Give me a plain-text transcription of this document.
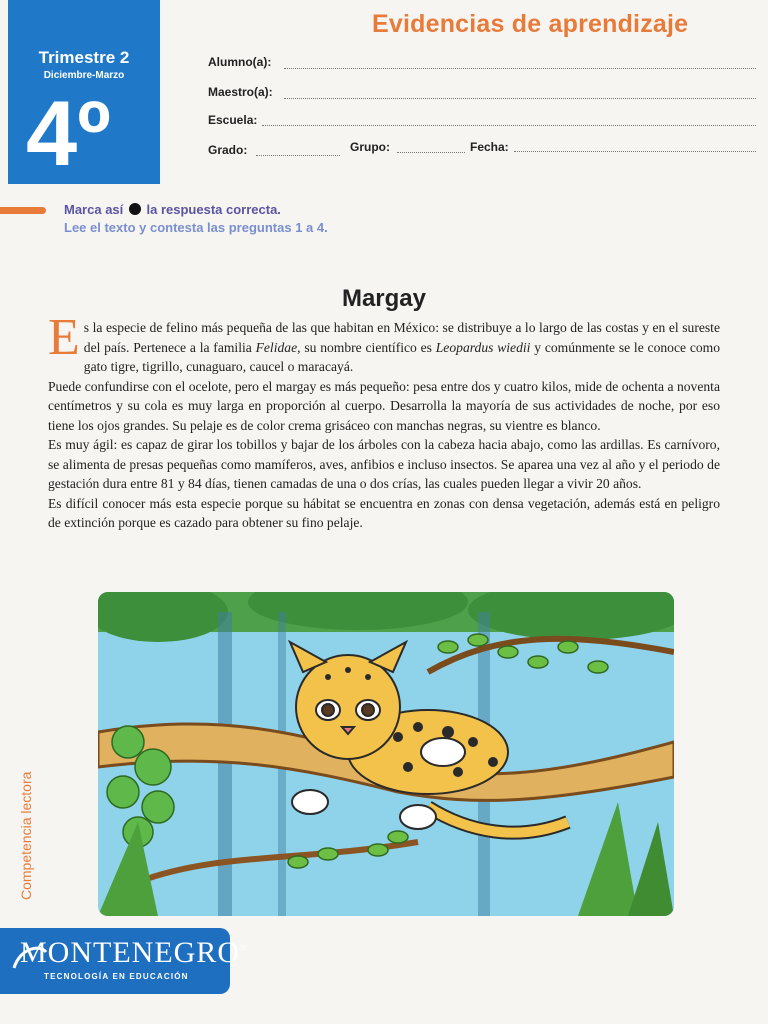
Trimestre 2
Diciembre-Marzo
4º
Evidencias de aprendizaje
Alumno(a):
Maestro(a):
Escuela:
Grado:	Grupo:	Fecha:
Marca así la respuesta correcta.
Lee el texto y contesta las preguntas 1 a 4.
Margay

Es la especie de felino más pequeña de las que habitan en México: se distribuye a lo largo de las costas y en el sureste del país. Pertenece a la familia Felidae, su nombre científico es Leopardus wiedii y comúnmente se le conoce como gato tigre, tigrillo, cunaguaro, caucel o maracayá.

Puede confundirse con el ocelote, pero el margay es más pequeño: pesa entre dos y cuatro kilos, mide de ochenta a noventa centímetros y su cola es muy larga en proporción al cuerpo. Desarrolla la mayoría de sus actividades de noche, por eso tiene los ojos grandes. Su pelaje es de color crema grisáceo con manchas negras, su vientre es blanco.

Es muy ágil: es capaz de girar los tobillos y bajar de los árboles con la cabeza hacia abajo, como las ardillas. Es carnívoro, se alimenta de presas pequeñas como mamíferos, aves, anfibios e incluso insectos. Se aparea una vez al año y el periodo de gestación dura entre 81 y 84 días, tienen camadas de una o dos crías, las cuales pueden llegar a vivir 20 años.

Es difícil conocer más esta especie porque su hábitat se encuentra en zonas con densa vegetación, además está en peligro de extinción porque es cazado para obtener su fino pelaje.

Competencia lectora
MONTENEGRO®
TECNOLOGÍA EN EDUCACIÓN
